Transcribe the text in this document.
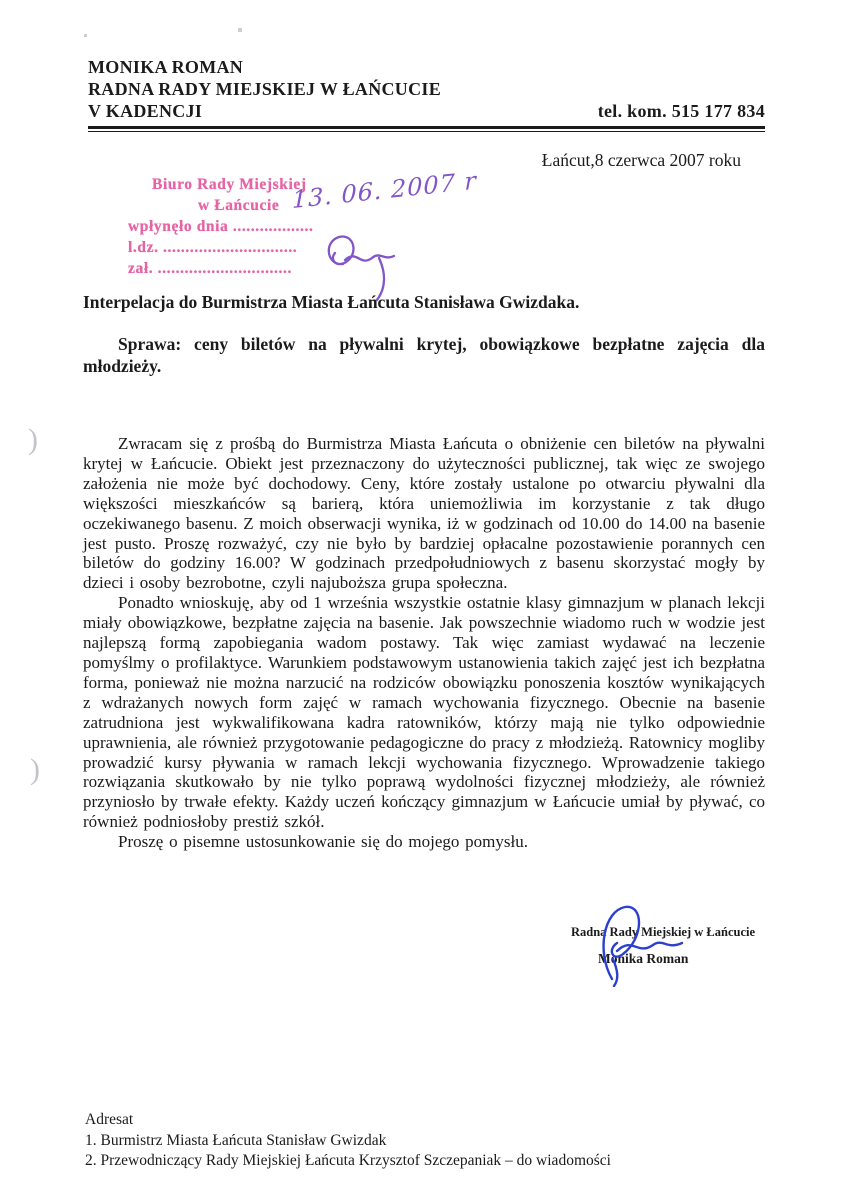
MONIKA ROMAN
RADNA RADY MIEJSKIEJ W ŁAŃCUCIE
V KADENCJI	tel. kom. 515 177 834
Łańcut,8 czerwca 2007 roku
Biuro Rady Miejskiej
w Łańcucie
wpłynęło dnia ..................
l.dz. ..............................
zał. ..............................
13. 06. 2007 r
Interpelacja do Burmistrza Miasta Łańcuta Stanisława Gwizdaka.
Sprawa: ceny biletów na pływalni krytej, obowiązkowe bezpłatne zajęcia dla młodzieży.

Zwracam się z prośbą do Burmistrza Miasta Łańcuta o obniżenie cen biletów na pływalni krytej w Łańcucie. Obiekt jest przeznaczony do użyteczności publicznej, tak więc ze swojego założenia nie może być dochodowy. Ceny, które zostały ustalone po otwarciu pływalni dla większości mieszkańców są barierą, która uniemożliwia im korzystanie z tak długo oczekiwanego basenu. Z moich obserwacji wynika, iż w godzinach od 10.00 do 14.00 na basenie jest pusto. Proszę rozważyć, czy nie było by bardziej opłacalne pozostawienie porannych cen biletów do godziny 16.00? W godzinach przedpołudniowych z basenu skorzystać mogły by dzieci i osoby bezrobotne, czyli najuboższa grupa społeczna.

Ponadto wnioskuję, aby od 1 września wszystkie ostatnie klasy gimnazjum w planach lekcji miały obowiązkowe, bezpłatne zajęcia na basenie. Jak powszechnie wiadomo ruch w wodzie jest najlepszą formą zapobiegania wadom postawy. Tak więc zamiast wydawać na leczenie pomyślmy o profilaktyce. Warunkiem podstawowym ustanowienia takich zajęć jest ich bezpłatna forma, ponieważ nie można narzucić na rodziców obowiązku ponoszenia kosztów wynikających z wdrażanych nowych form zajęć w ramach wychowania fizycznego. Obecnie na basenie zatrudniona jest wykwalifikowana kadra ratowników, którzy mają nie tylko odpowiednie uprawnienia, ale również przygotowanie pedagogiczne do pracy z młodzieżą. Ratownicy mogliby prowadzić kursy pływania w ramach lekcji wychowania fizycznego. Wprowadzenie takiego rozwiązania skutkowało by nie tylko poprawą wydolności fizycznej młodzieży, ale również przyniosło by trwałe efekty. Każdy uczeń kończący gimnazjum w Łańcucie umiał by pływać, co również podniosłoby prestiż szkół.

Proszę o pisemne ustosunkowanie się do mojego pomysłu.

Radna Rady Miejskiej w Łańcucie
Monika Roman
Adresat
1. Burmistrz Miasta Łańcuta Stanisław Gwizdak
2. Przewodniczący Rady Miejskiej Łańcuta Krzysztof Szczepaniak – do wiadomości
)
)
